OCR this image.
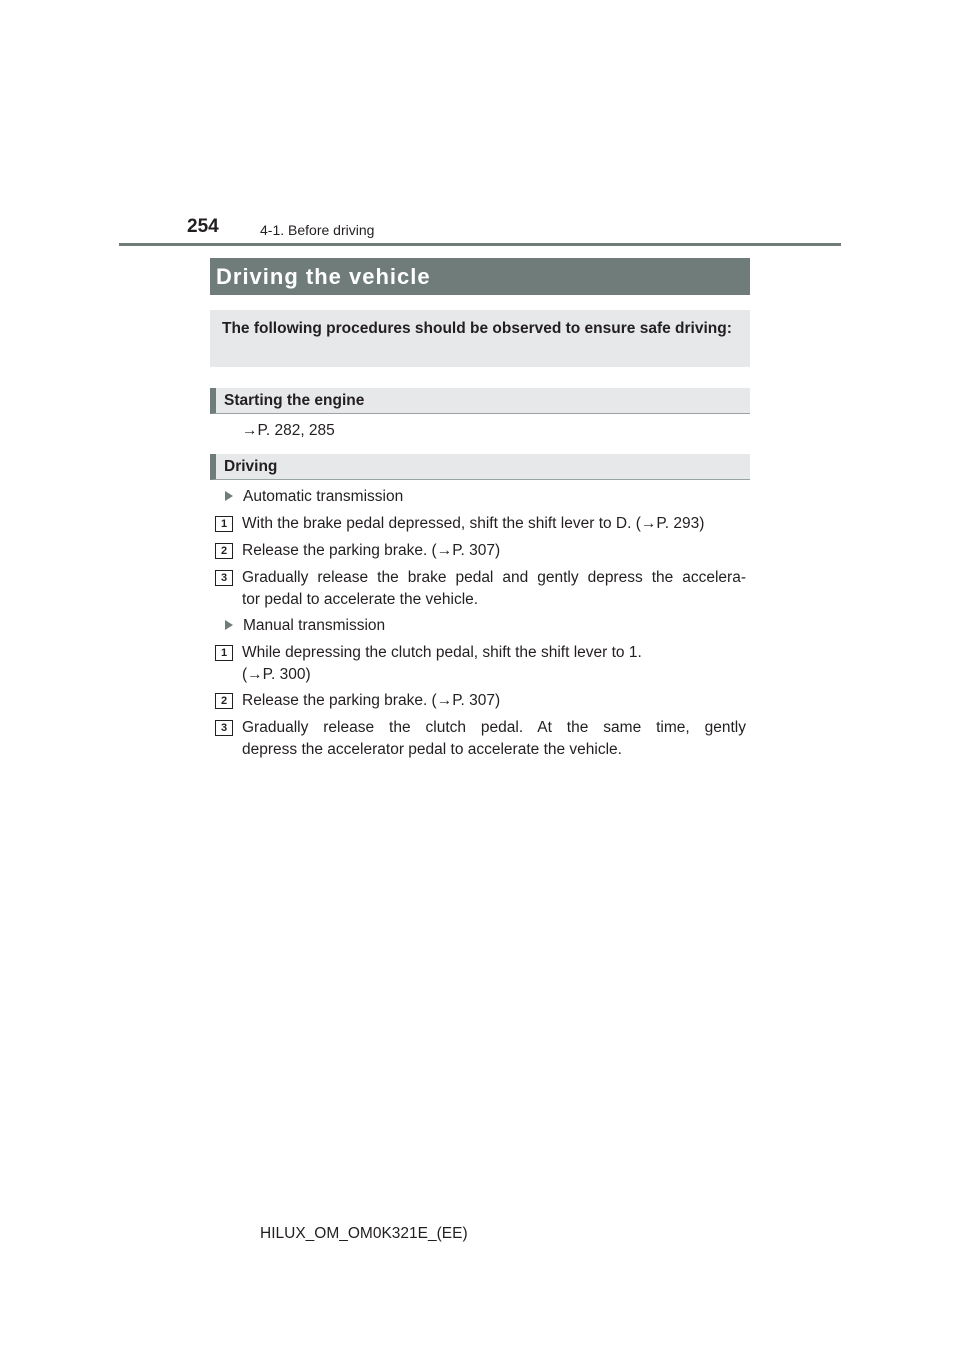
254	4-1. Before driving
Driving the vehicle
The following procedures should be observed to ensure safe driving:
Starting the engine
→P. 282, 285
Driving
Automatic transmission
1 With the brake pedal depressed, shift the shift lever to D. (→P. 293)
2 Release the parking brake. (→P. 307)
3 Gradually release the brake pedal and gently depress the accelera-
tor pedal to accelerate the vehicle.
Manual transmission
1 While depressing the clutch pedal, shift the shift lever to 1.
(→P. 300)
2 Release the parking brake. (→P. 307)
3 Gradually release the clutch pedal. At the same time, gently
depress the accelerator pedal to accelerate the vehicle.
HILUX_OM_OM0K321E_(EE)
